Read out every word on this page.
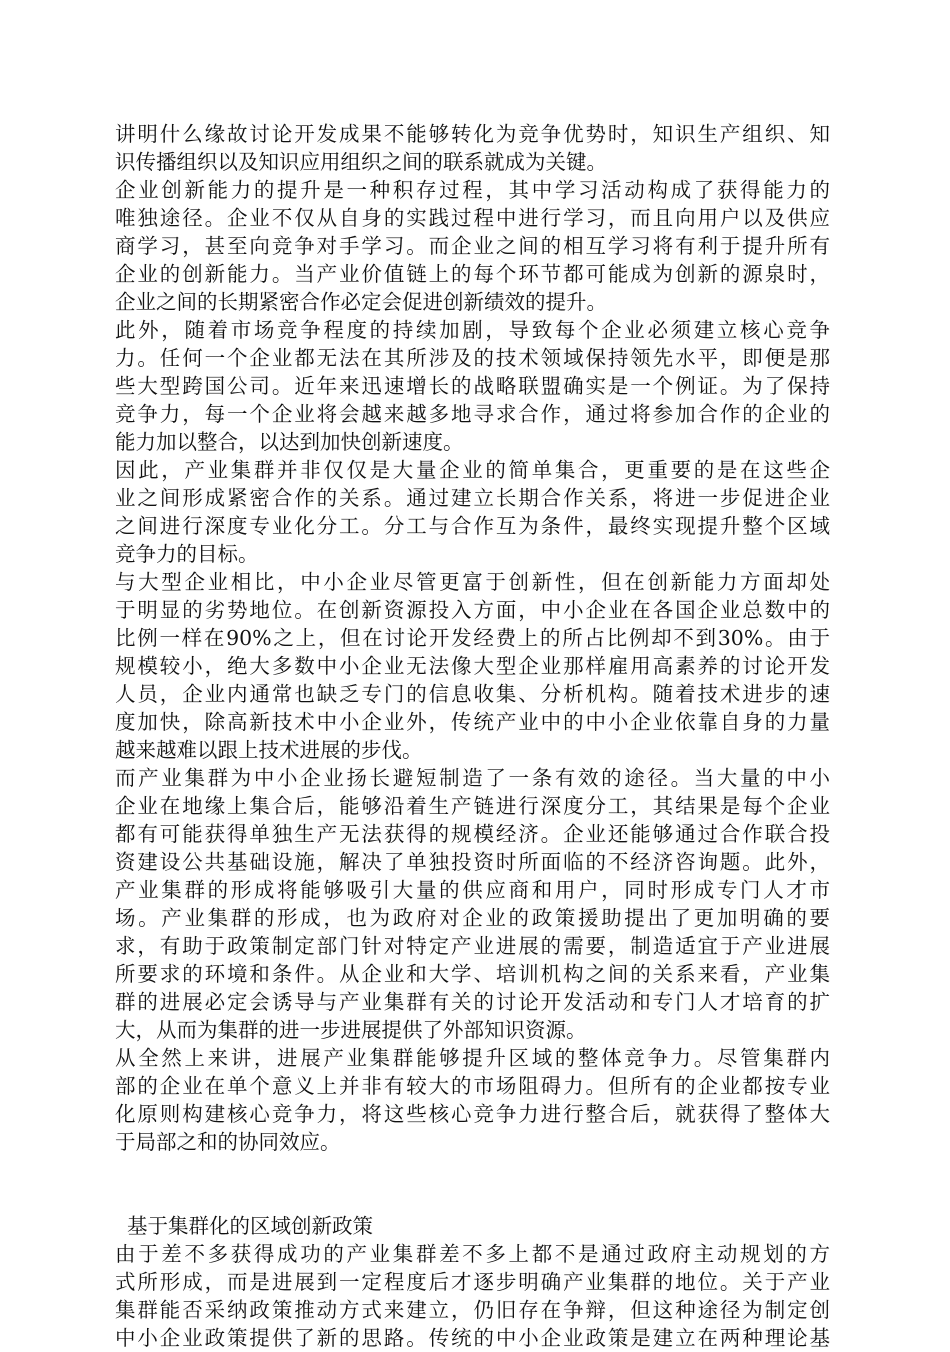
讲明什么缘故讨论开发成果不能够转化为竞争优势时，知识生产组织、知
识传播组织以及知识应用组织之间的联系就成为关键。
企业创新能力的提升是一种积存过程，其中学习活动构成了获得能力的
唯独途径。企业不仅从自身的实践过程中进行学习，而且向用户以及供应
商学习，甚至向竞争对手学习。而企业之间的相互学习将有利于提升所有
企业的创新能力。当产业价值链上的每个环节都可能成为创新的源泉时，
企业之间的长期紧密合作必定会促进创新绩效的提升。
此外，随着市场竞争程度的持续加剧，导致每个企业必须建立核心竞争
力。任何一个企业都无法在其所涉及的技术领域保持领先水平，即便是那
些大型跨国公司。近年来迅速增长的战略联盟确实是一个例证。为了保持
竞争力，每一个企业将会越来越多地寻求合作，通过将参加合作的企业的
能力加以整合，以达到加快创新速度。
因此，产业集群并非仅仅是大量企业的简单集合，更重要的是在这些企
业之间形成紧密合作的关系。通过建立长期合作关系，将进一步促进企业
之间进行深度专业化分工。分工与合作互为条件，最终实现提升整个区域
竞争力的目标。
与大型企业相比，中小企业尽管更富于创新性，但在创新能力方面却处
于明显的劣势地位。在创新资源投入方面，中小企业在各国企业总数中的
比例一样在90%之上，但在讨论开发经费上的所占比例却不到30%。由于
规模较小，绝大多数中小企业无法像大型企业那样雇用高素养的讨论开发
人员，企业内通常也缺乏专门的信息收集、分析机构。随着技术进步的速
度加快，除高新技术中小企业外，传统产业中的中小企业依靠自身的力量
越来越难以跟上技术进展的步伐。
而产业集群为中小企业扬长避短制造了一条有效的途径。当大量的中小
企业在地缘上集合后，能够沿着生产链进行深度分工，其结果是每个企业
都有可能获得单独生产无法获得的规模经济。企业还能够通过合作联合投
资建设公共基础设施，解决了单独投资时所面临的不经济咨询题。此外，
产业集群的形成将能够吸引大量的供应商和用户，同时形成专门人才市
场。产业集群的形成，也为政府对企业的政策援助提出了更加明确的要
求，有助于政策制定部门针对特定产业进展的需要，制造适宜于产业进展
所要求的环境和条件。从企业和大学、培训机构之间的关系来看，产业集
群的进展必定会诱导与产业集群有关的讨论开发活动和专门人才培育的扩
大，从而为集群的进一步进展提供了外部知识资源。
从全然上来讲，进展产业集群能够提升区域的整体竞争力。尽管集群内
部的企业在单个意义上并非有较大的市场阻碍力。但所有的企业都按专业
化原则构建核心竞争力，将这些核心竞争力进行整合后，就获得了整体大
于局部之和的协同效应。
基于集群化的区域创新政策
由于差不多获得成功的产业集群差不多上都不是通过政府主动规划的方
式所形成，而是进展到一定程度后才逐步明确产业集群的地位。关于产业
集群能否采纳政策推动方式来建立，仍旧存在争辩，但这种途径为制定创
中小企业政策提供了新的思路。传统的中小企业政策是建立在两种理论基
